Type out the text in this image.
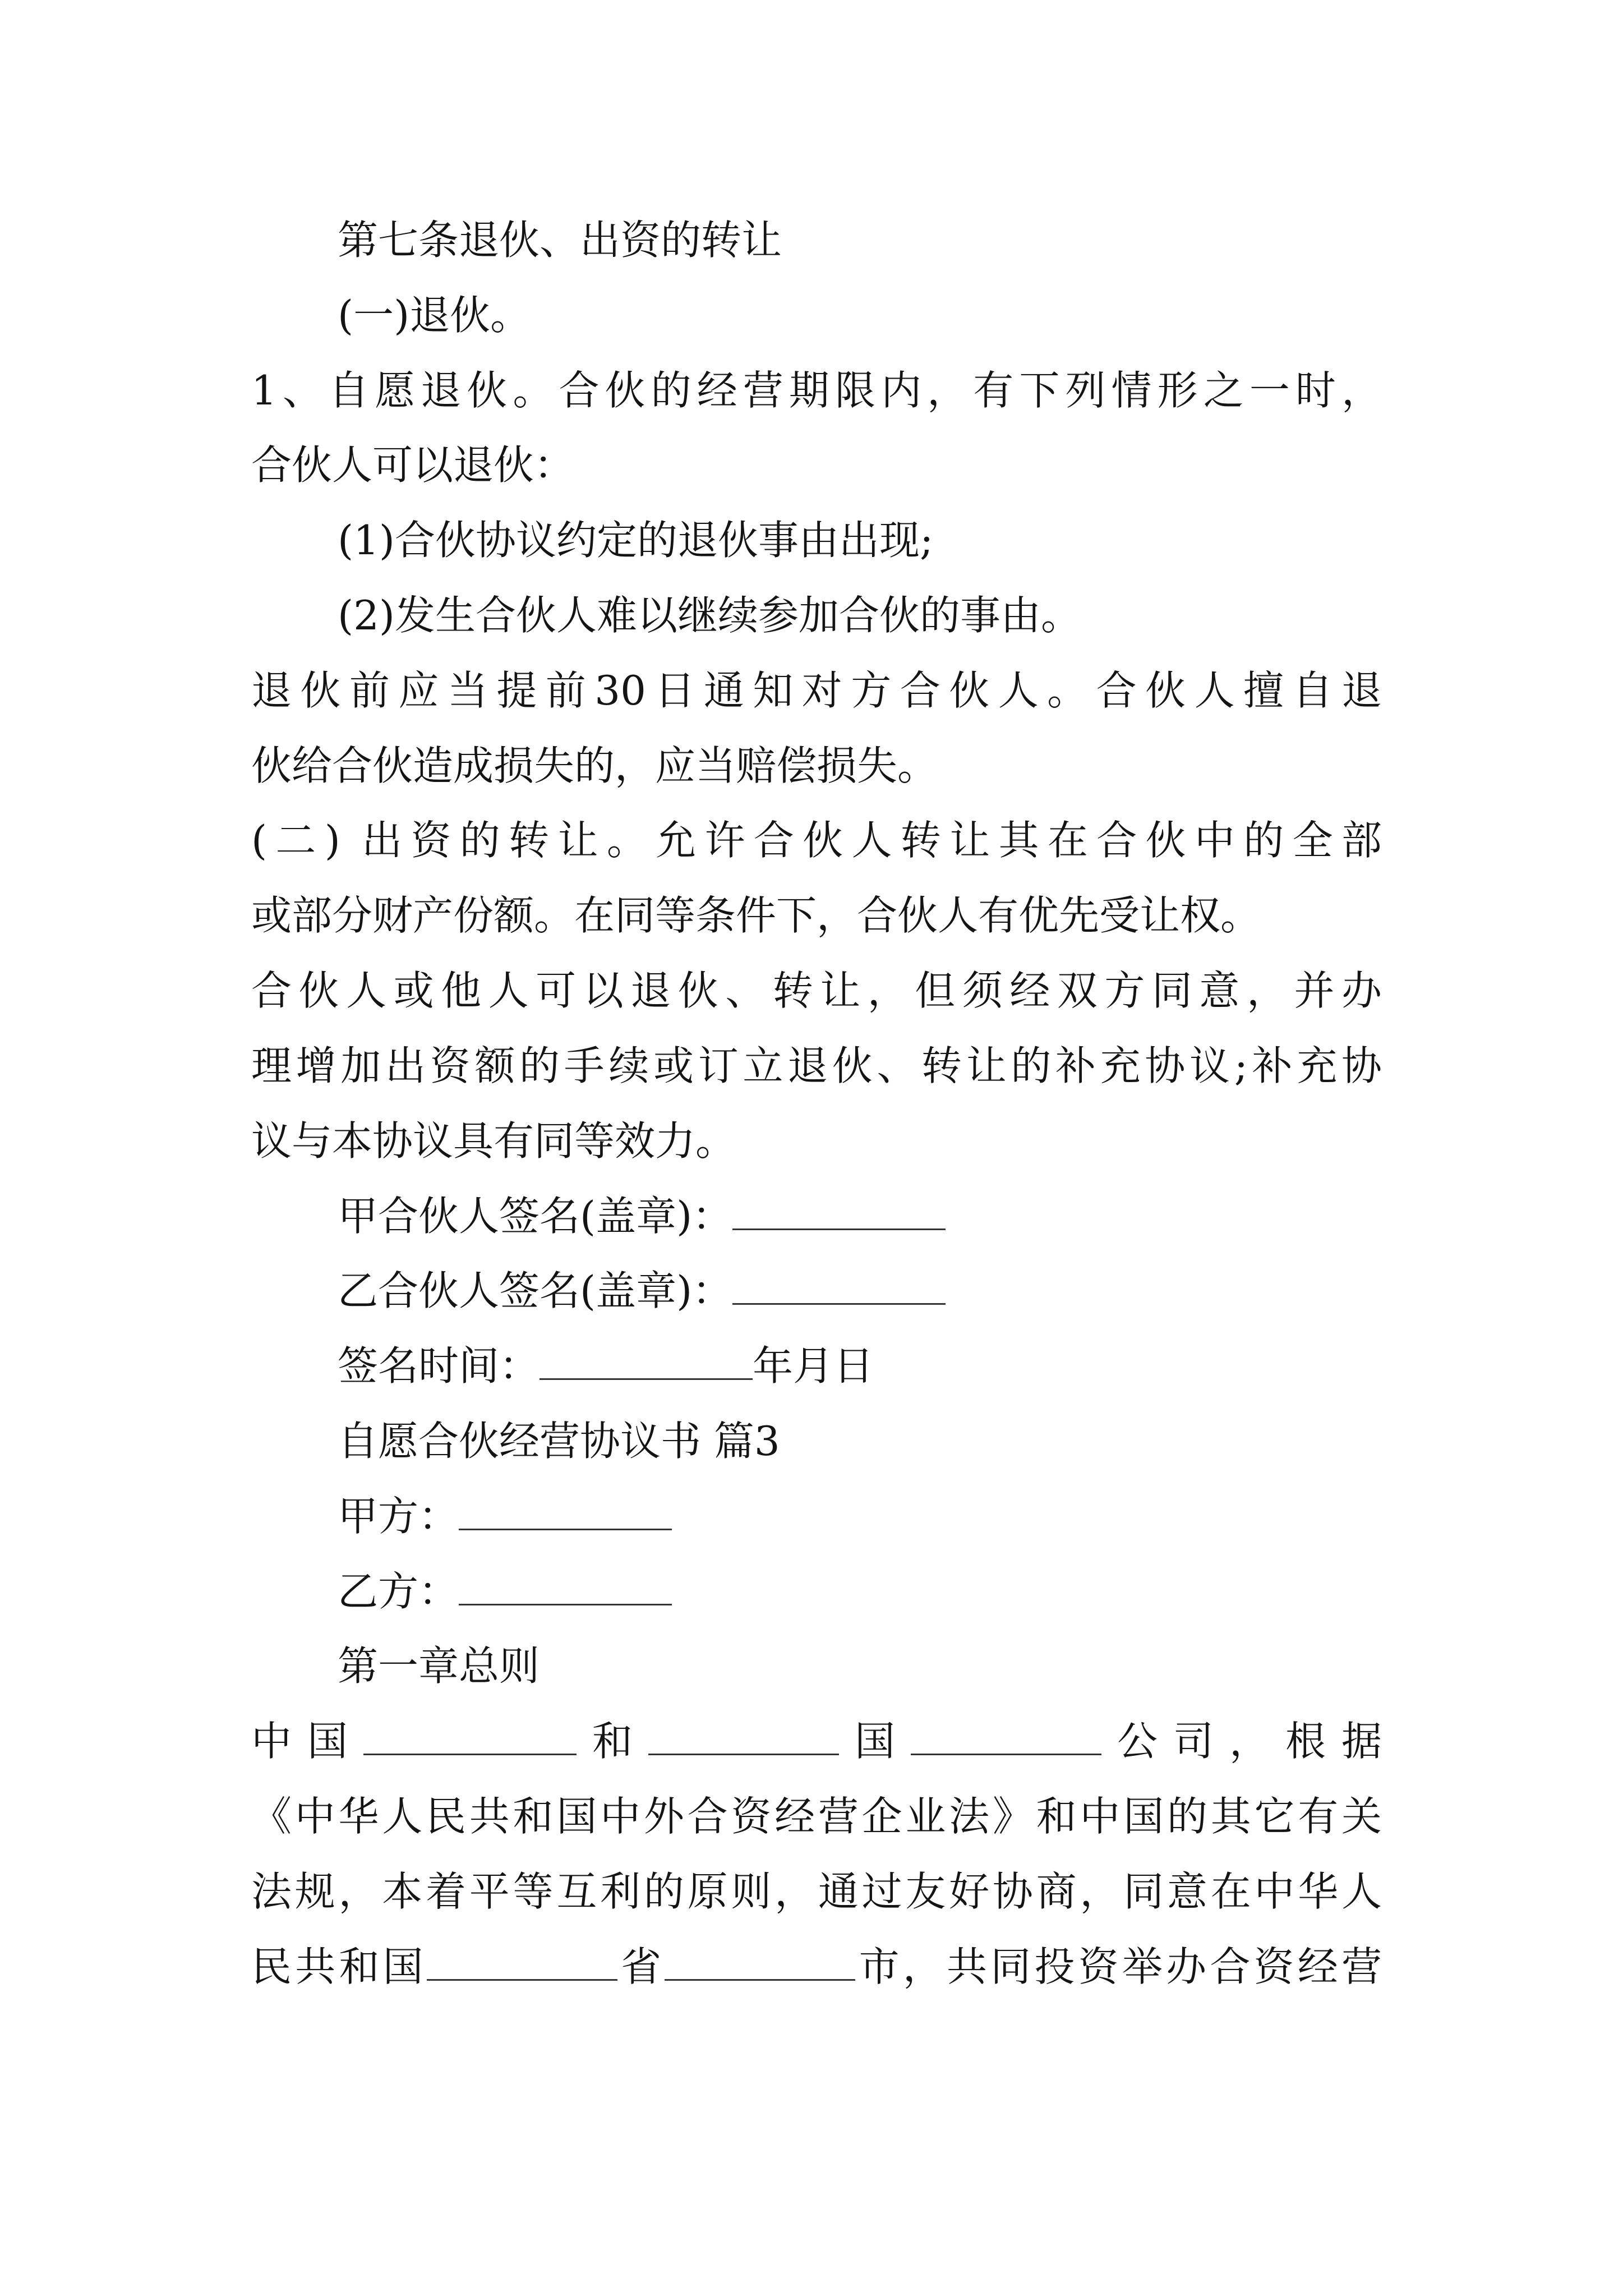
第七条退伙、出资的转让
(一)退伙。
1、自愿退伙。合伙的经营期限内，有下列情形之一时，
合伙人可以退伙：
(1)合伙协议约定的退伙事由出现;
(2)发生合伙人难以继续参加合伙的事由。
退伙前应当提前30日通知对方合伙人。合伙人擅自退
伙给合伙造成损失的，应当赔偿损失。
(二) 出资的转让。允许合伙人转让其在合伙中的全部
或部分财产份额。在同等条件下，合伙人有优先受让权。
合伙人或他人可以退伙、转让，但须经双方同意，并办
理增加出资额的手续或订立退伙、转让的补充协议;补充协
议与本协议具有同等效力。
甲合伙人签名(盖章)：
乙合伙人签名(盖章)：
签名时间：	年月日
自愿合伙经营协议书 篇3
甲方：
乙方：
第一章总则
中国	和	国	公司，根据
《中华人民共和国中外合资经营企业法》和中国的其它有关
法规，本着平等互利的原则，通过友好协商，同意在中华人
民共和国	省	市，共同投资举办合资经营
